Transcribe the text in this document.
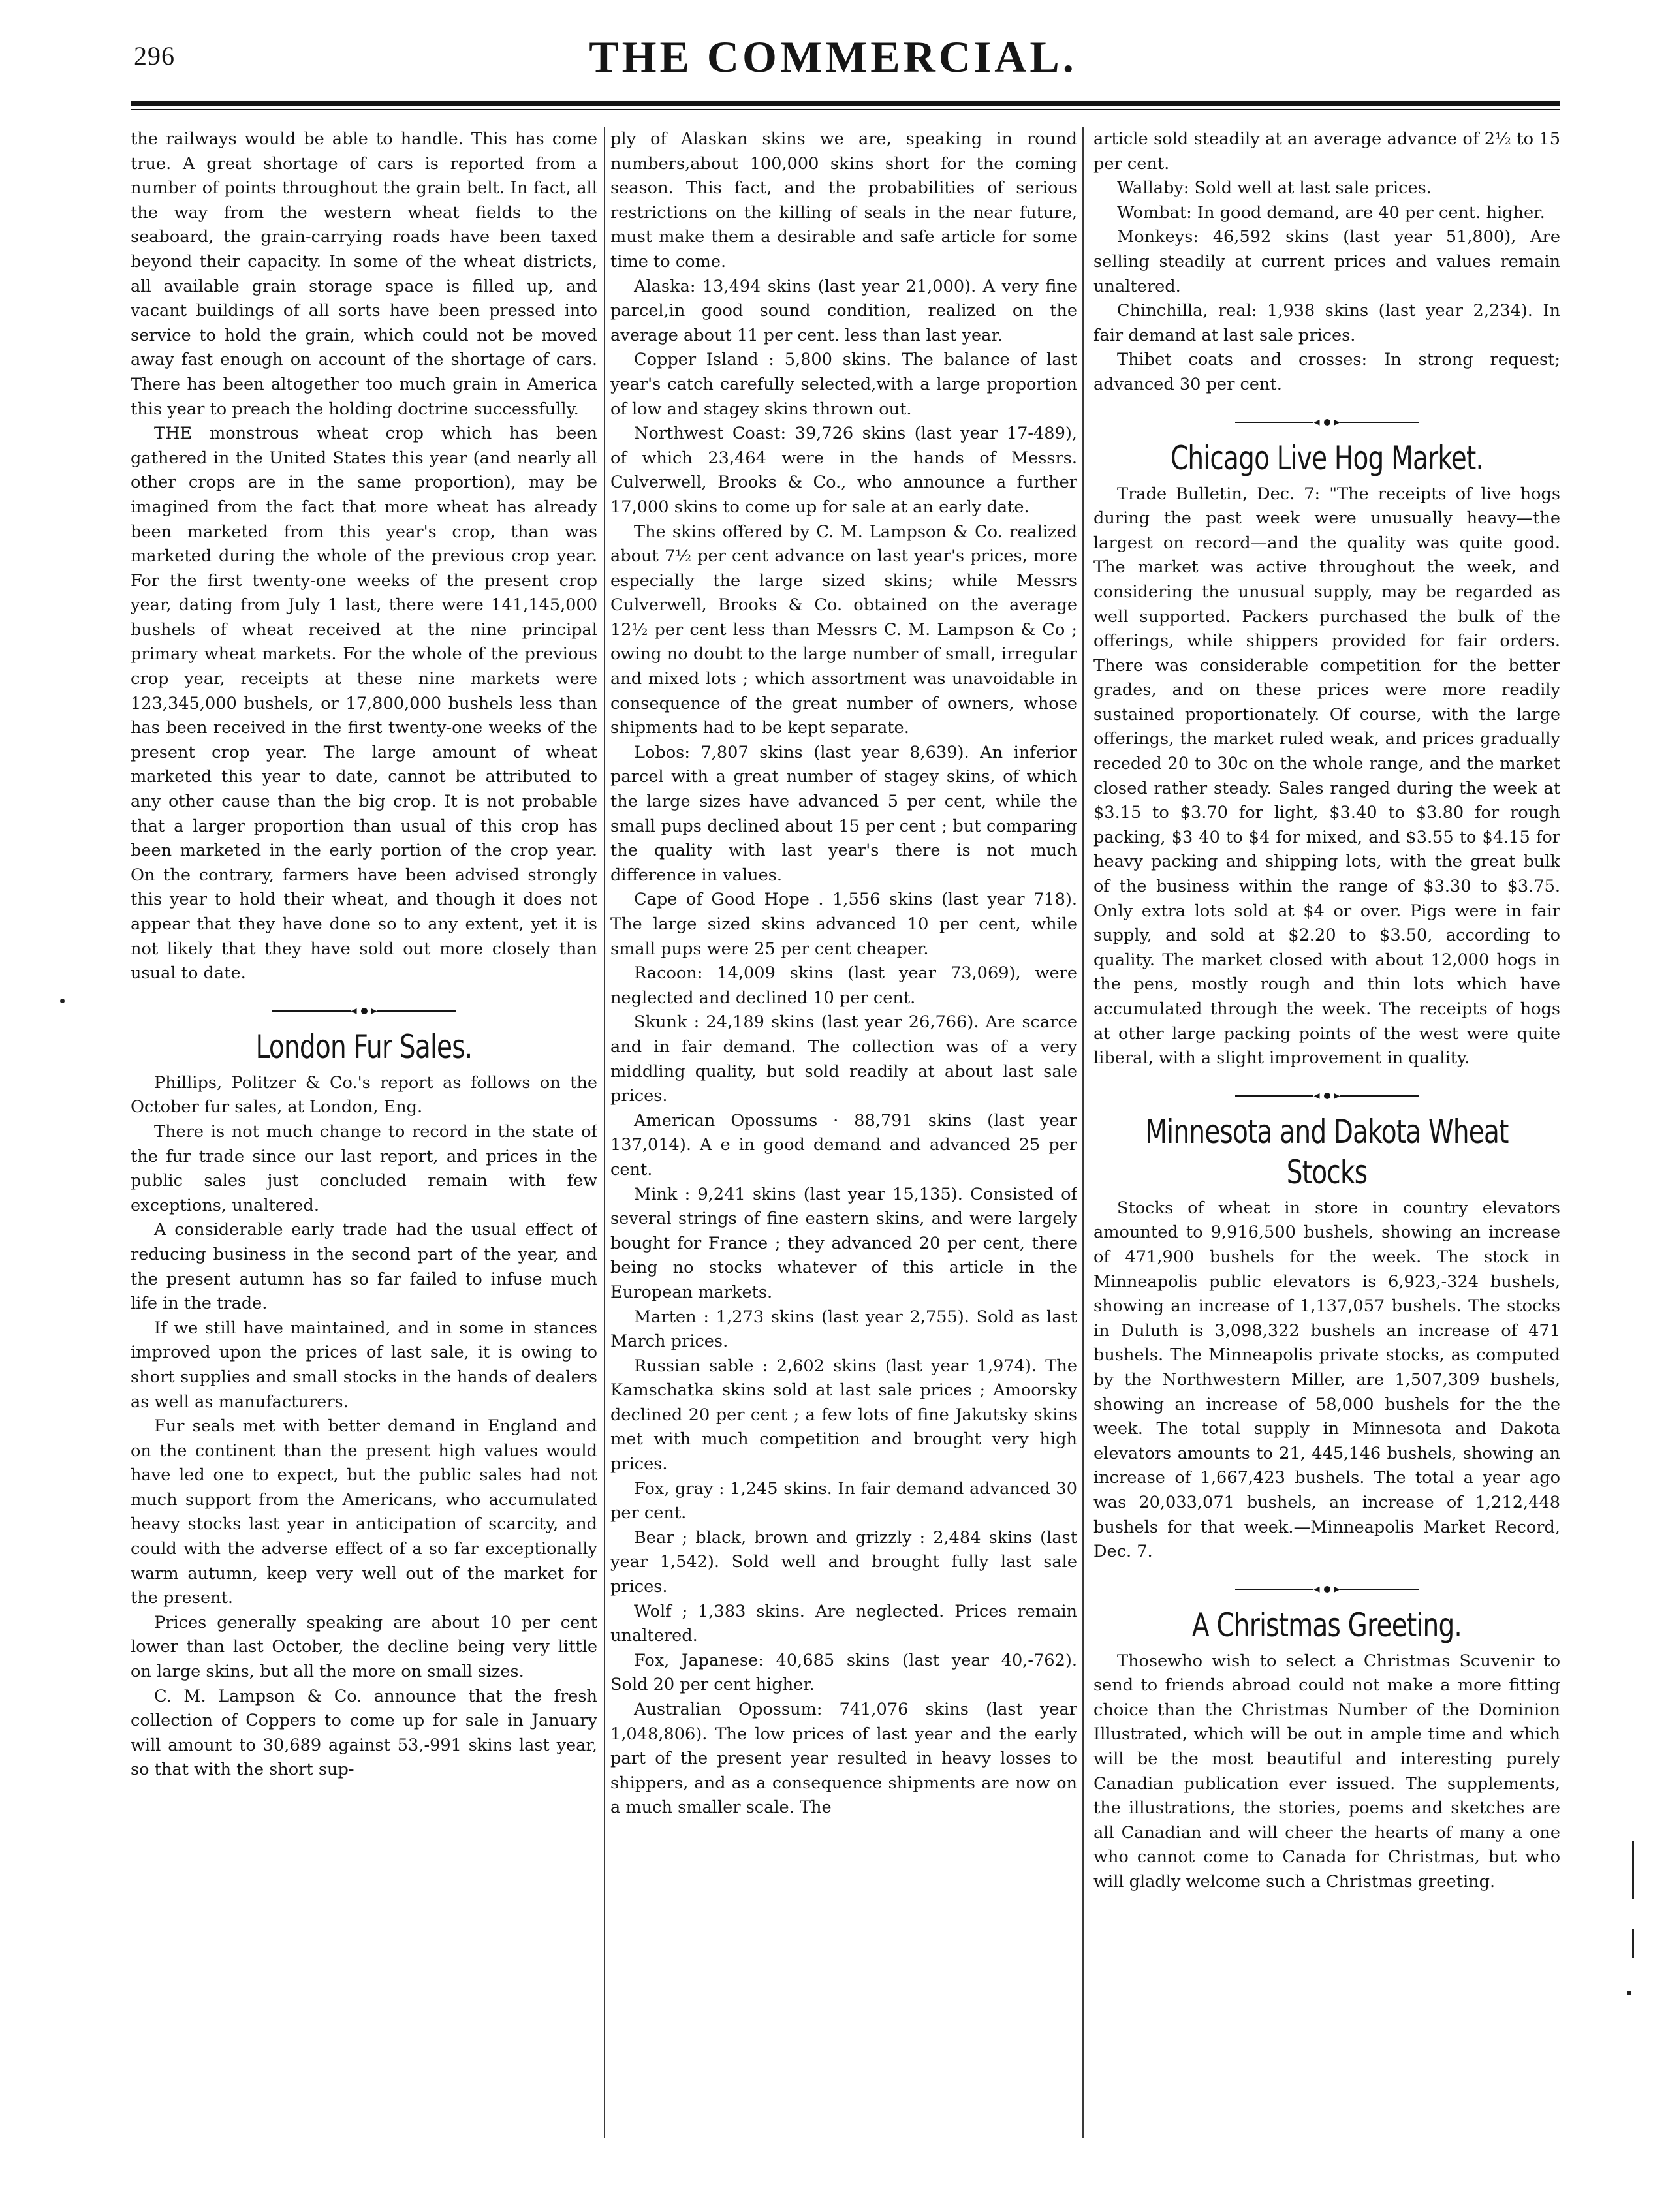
296	THE COMMERCIAL.

the railways would be able to handle. This has come true. A great shortage of cars is reported from a number of points throughout the grain belt. In fact, all the way from the western wheat fields to the seaboard, the grain-carrying roads have been taxed beyond their capacity. In some of the wheat districts, all available grain storage space is filled up, and vacant buildings of all sorts have been pressed into service to hold the grain, which could not be moved away fast enough on account of the shortage of cars. There has been altogether too much grain in America this year to preach the holding doctrine successfully.

THE monstrous wheat crop which has been gathered in the United States this year (and nearly all other crops are in the same proportion), may be imagined from the fact that more wheat has already been marketed from this year's crop, than was marketed during the whole of the previous crop year. For the first twenty-one weeks of the present crop year, dating from July 1 last, there were 141,145,000 bushels of wheat received at the nine principal primary wheat markets. For the whole of the previous crop year, receipts at these nine markets were 123,345,000 bushels, or 17,800,000 bushels less than has been received in the first twenty-one weeks of the present crop year. The large amount of wheat marketed this year to date, cannot be attributed to any other cause than the big crop. It is not probable that a larger proportion than usual of this crop has been marketed in the early portion of the crop year. On the contrary, farmers have been advised strongly this year to hold their wheat, and though it does not appear that they have done so to any extent, yet it is not likely that they have sold out more closely than usual to date.

◂ ▸
London Fur Sales.

Phillips, Politzer & Co.'s report as follows on the October fur sales, at London, Eng.

There is not much change to record in the state of the fur trade since our last report, and prices in the public sales just concluded remain with few exceptions, unaltered.

A considerable early trade had the usual effect of reducing business in the second part of the year, and the present autumn has so far failed to infuse much life in the trade.

If we still have maintained, and in some in stances improved upon the prices of last sale, it is owing to short supplies and small stocks in the hands of dealers as well as manufacturers.

Fur seals met with better demand in England and on the continent than the present high values would have led one to expect, but the public sales had not much support from the Americans, who accumulated heavy stocks last year in anticipation of scarcity, and could with the adverse effect of a so far exceptionally warm autumn, keep very well out of the market for the present.

Prices generally speaking are about 10 per cent lower than last October, the decline being very little on large skins, but all the more on small sizes.

C. M. Lampson & Co. announce that the fresh collection of Coppers to come up for sale in January will amount to 30,689 against 53,-991 skins last year, so that with the short sup-

ply of Alaskan skins we are, speaking in round numbers,about 100,000 skins short for the coming season. This fact, and the probabilities of serious restrictions on the killing of seals in the near future, must make them a desirable and safe article for some time to come.

Alaska: 13,494 skins (last year 21,000). A very fine parcel,in good sound condition, realized on the average about 11 per cent. less than last year.

Copper Island : 5,800 skins. The balance of last year's catch carefully selected,with a large proportion of low and stagey skins thrown out.

Northwest Coast: 39,726 skins (last year 17-489), of which 23,464 were in the hands of Messrs. Culverwell, Brooks & Co., who announce a further 17,000 skins to come up for sale at an early date.

The skins offered by C. M. Lampson & Co. realized about 7½ per cent advance on last year's prices, more especially the large sized skins; while Messrs Culverwell, Brooks & Co. obtained on the average 12½ per cent less than Messrs C. M. Lampson & Co ; owing no doubt to the large number of small, irregular and mixed lots ; which assortment was unavoidable in consequence of the great number of owners, whose shipments had to be kept separate.

Lobos: 7,807 skins (last year 8,639). An inferior parcel with a great number of stagey skins, of which the large sizes have advanced 5 per cent, while the small pups declined about 15 per cent ; but comparing the quality with last year's there is not much difference in values.

Cape of Good Hope . 1,556 skins (last year 718). The large sized skins advanced 10 per cent, while small pups were 25 per cent cheaper.

Racoon: 14,009 skins (last year 73,069), were neglected and declined 10 per cent.

Skunk : 24,189 skins (last year 26,766). Are scarce and in fair demand. The collection was of a very middling quality, but sold readily at about last sale prices.

American Opossums · 88,791 skins (last year 137,014). A e in good demand and advanced 25 per cent.

Mink : 9,241 skins (last year 15,135). Consisted of several strings of fine eastern skins, and were largely bought for France ; they advanced 20 per cent, there being no stocks whatever of this article in the European markets.

Marten : 1,273 skins (last year 2,755). Sold as last March prices.

Russian sable : 2,602 skins (last year 1,974). The Kamschatka skins sold at last sale prices ; Amoorsky declined 20 per cent ; a few lots of fine Jakutsky skins met with much competition and brought very high prices.

Fox, gray : 1,245 skins. In fair demand advanced 30 per cent.

Bear ; black, brown and grizzly : 2,484 skins (last year 1,542). Sold well and brought fully last sale prices.

Wolf ; 1,383 skins. Are neglected. Prices remain unaltered.

Fox, Japanese: 40,685 skins (last year 40,-762). Sold 20 per cent higher.

Australian Opossum: 741,076 skins (last year 1,048,806). The low prices of last year and the early part of the present year resulted in heavy losses to shippers, and as a consequence shipments are now on a much smaller scale. The

article sold steadily at an average advance of 2½ to 15 per cent.

Wallaby: Sold well at last sale prices.

Wombat: In good demand, are 40 per cent. higher.

Monkeys: 46,592 skins (last year 51,800), Are selling steadily at current prices and values remain unaltered.

Chinchilla, real: 1,938 skins (last year 2,234). In fair demand at last sale prices.

Thibet coats and crosses: In strong request; advanced 30 per cent.

◂ ▸
Chicago Live Hog Market.

Trade Bulletin, Dec. 7: "The receipts of live hogs during the past week were unusually heavy—the largest on record—and the quality was quite good. The market was active throughout the week, and considering the unusual supply, may be regarded as well supported. Packers purchased the bulk of the offerings, while shippers provided for fair orders. There was considerable competition for the better grades, and on these prices were more readily sustained proportionately. Of course, with the large offerings, the market ruled weak, and prices gradually receded 20 to 30c on the whole range, and the market closed rather steady. Sales ranged during the week at $3.15 to $3.70 for light, $3.40 to $3.80 for rough packing, $3 40 to $4 for mixed, and $3.55 to $4.15 for heavy packing and shipping lots, with the great bulk of the business within the range of $3.30 to $3.75. Only extra lots sold at $4 or over. Pigs were in fair supply, and sold at $2.20 to $3.50, according to quality. The market closed with about 12,000 hogs in the pens, mostly rough and thin lots which have accumulated through the week. The receipts of hogs at other large packing points of the west were quite liberal, with a slight improvement in quality.

◂ ▸
Minnesota and Dakota Wheat Stocks

Stocks of wheat in store in country elevators amounted to 9,916,500 bushels, showing an increase of 471,900 bushels for the week. The stock in Minneapolis public elevators is 6,923,-324 bushels, showing an increase of 1,137,057 bushels. The stocks in Duluth is 3,098,322 bushels an increase of 471 bushels. The Minneapolis private stocks, as computed by the Northwestern Miller, are 1,507,309 bushels, showing an increase of 58,000 bushels for the the week. The total supply in Minnesota and Dakota elevators amounts to 21, 445,146 bushels, showing an increase of 1,667,423 bushels. The total a year ago was 20,033,071 bushels, an increase of 1,212,448 bushels for that week.—Minneapolis Market Record, Dec. 7.

◂ ▸
A Christmas Greeting.

Thosewho wish to select a Christmas Scuvenir to send to friends abroad could not make a more fitting choice than the Christmas Number of the Dominion Illustrated, which will be out in ample time and which will be the most beautiful and interesting purely Canadian publication ever issued. The supplements, the illustrations, the stories, poems and sketches are all Canadian and will cheer the hearts of many a one who cannot come to Canada for Christmas, but who will gladly welcome such a Christmas greeting.
